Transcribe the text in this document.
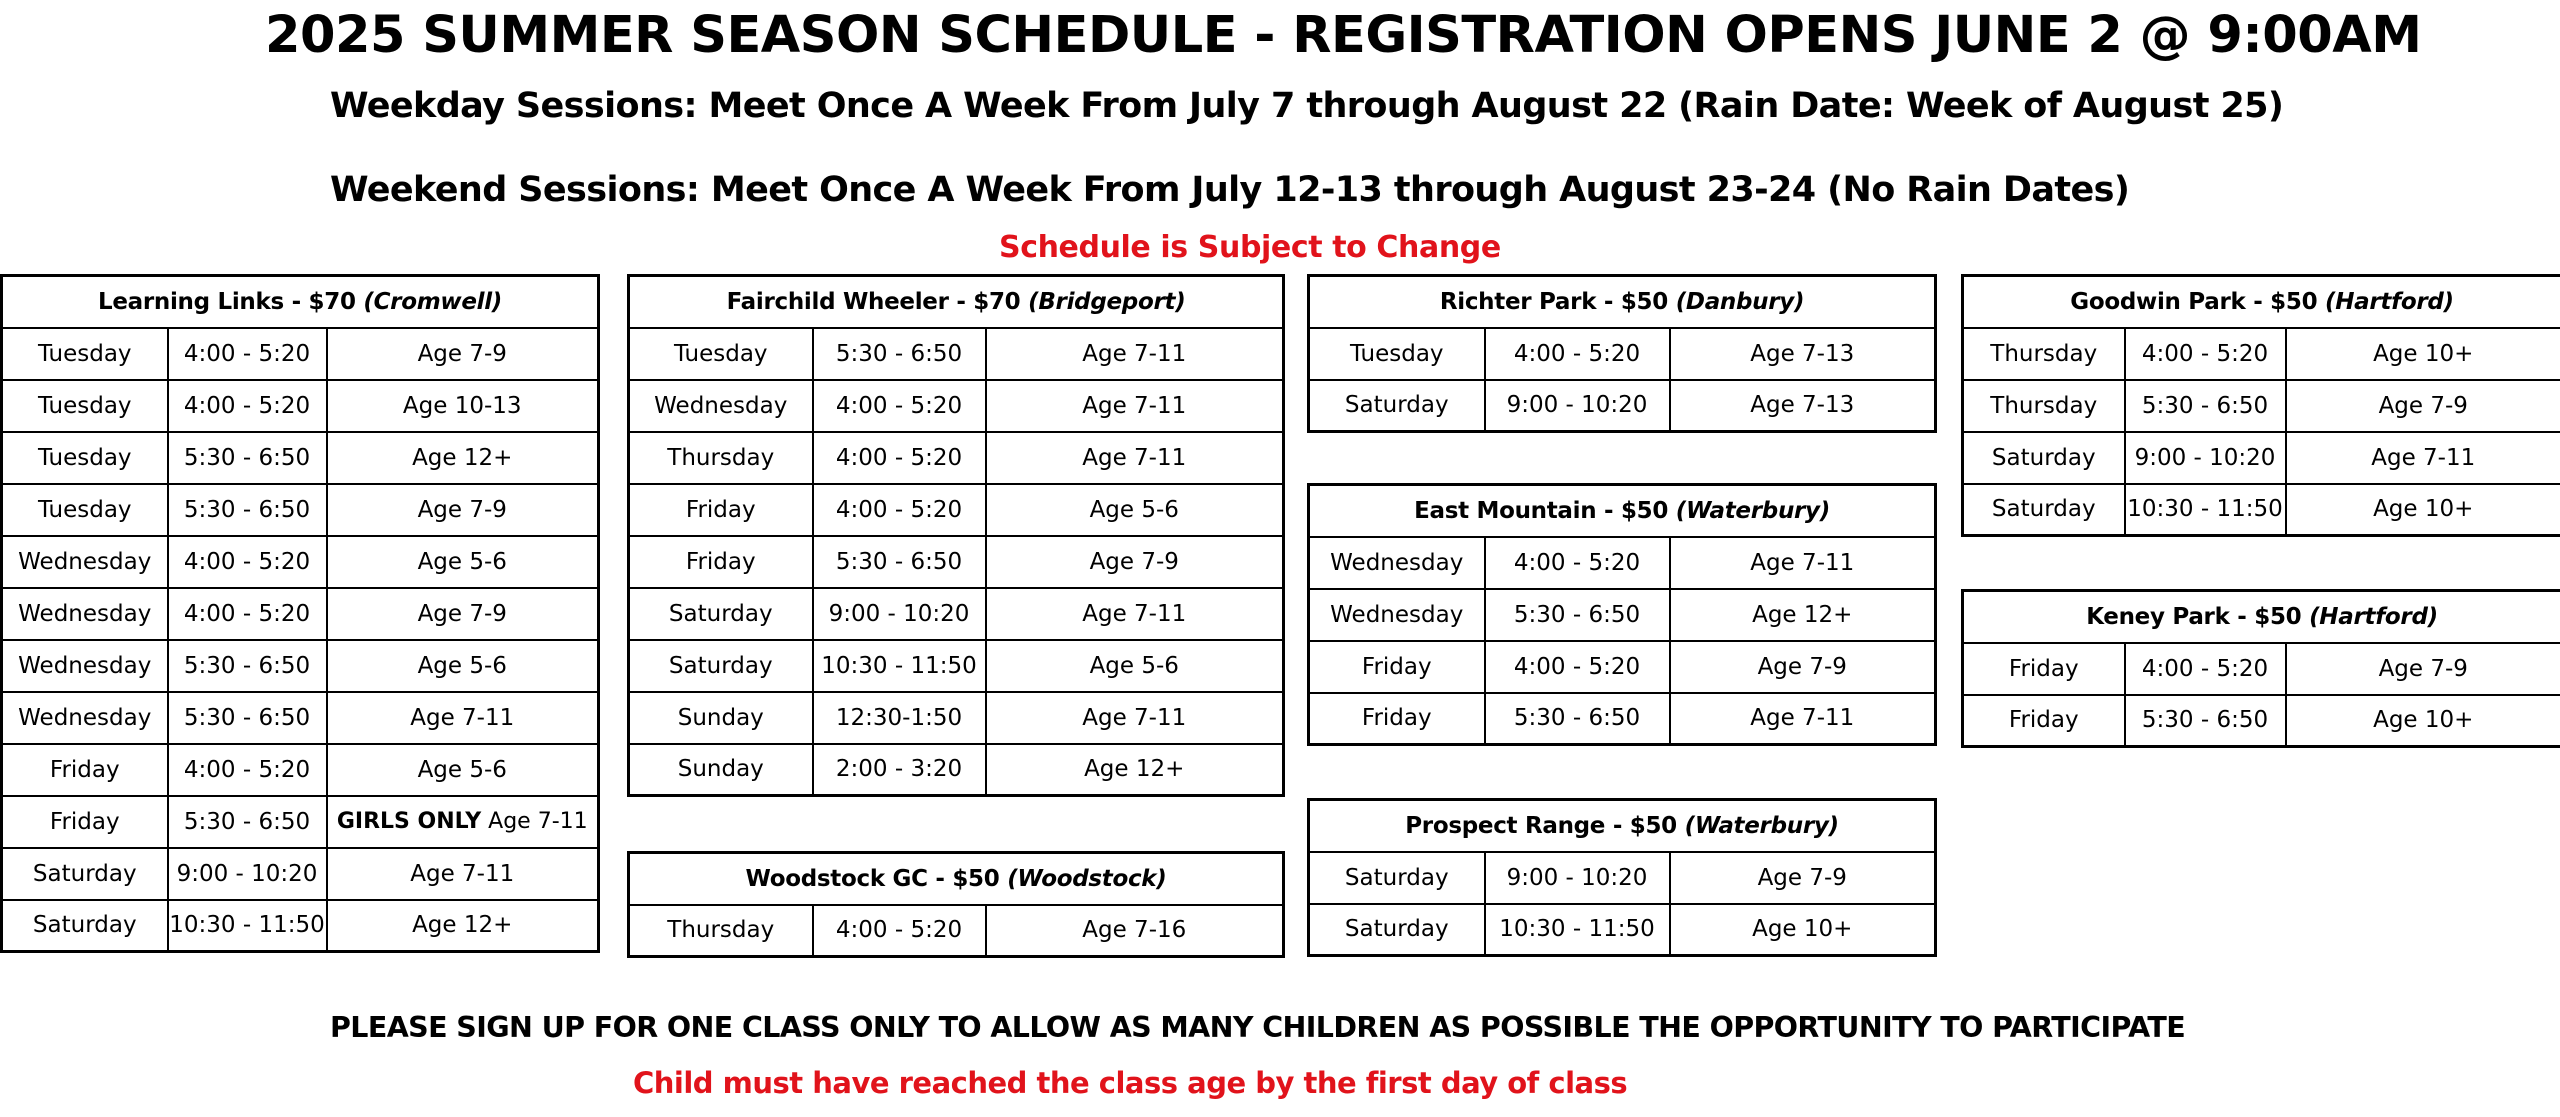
2025 SUMMER SEASON SCHEDULE - REGISTRATION OPENS JUNE 2 @ 9:00AM
Weekday Sessions: Meet Once A Week From July 7 through August 22 (Rain Date: Week of August 25)
Weekend Sessions: Meet Once A Week From July 12-13 through August 23-24 (No Rain Dates)
Schedule is Subject to Change
Learning Links - $70 (Cromwell)		
Tuesday	4:00 - 5:20	Age 7-9
Tuesday	4:00 - 5:20	Age 10-13
Tuesday	5:30 - 6:50	Age 12+
Tuesday	5:30 - 6:50	Age 7-9
Wednesday	4:00 - 5:20	Age 5-6
Wednesday	4:00 - 5:20	Age 7-9
Wednesday	5:30 - 6:50	Age 5-6
Wednesday	5:30 - 6:50	Age 7-11
Friday	4:00 - 5:20	Age 5-6
Friday	5:30 - 6:50	GIRLS ONLY Age 7-11
Saturday	9:00 - 10:20	Age 7-11
Saturday	10:30 - 11:50	Age 12+
Fairchild Wheeler - $70 (Bridgeport)		
Tuesday	5:30 - 6:50	Age 7-11
Wednesday	4:00 - 5:20	Age 7-11
Thursday	4:00 - 5:20	Age 7-11
Friday	4:00 - 5:20	Age 5-6
Friday	5:30 - 6:50	Age 7-9
Saturday	9:00 - 10:20	Age 7-11
Saturday	10:30 - 11:50	Age 5-6
Sunday	12:30-1:50	Age 7-11
Sunday	2:00 - 3:20	Age 12+
Woodstock GC - $50 (Woodstock)
Thursday	4:00 - 5:20	Age 7-16
Richter Park - $50 (Danbury)		
Tuesday	4:00 - 5:20	Age 7-13
Saturday	9:00 - 10:20	Age 7-13
East Mountain - $50 (Waterbury)		
Wednesday	4:00 - 5:20	Age 7-11
Wednesday	5:30 - 6:50	Age 12+
Friday	4:00 - 5:20	Age 7-9
Friday	5:30 - 6:50	Age 7-11
Prospect Range - $50 (Waterbury)		
Saturday	9:00 - 10:20	Age 7-9
Saturday	10:30 - 11:50	Age 10+
Goodwin Park - $50 (Hartford)		
Thursday	4:00 - 5:20	Age 10+
Thursday	5:30 - 6:50	Age 7-9
Saturday	9:00 - 10:20	Age 7-11
Saturday	10:30 - 11:50	Age 10+
Keney Park - $50 (Hartford)		
Friday	4:00 - 5:20	Age 7-9
Friday	5:30 - 6:50	Age 10+
PLEASE SIGN UP FOR ONE CLASS ONLY TO ALLOW AS MANY CHILDREN AS POSSIBLE THE OPPORTUNITY TO PARTICIPATE
Child must have reached the class age by the first day of class
